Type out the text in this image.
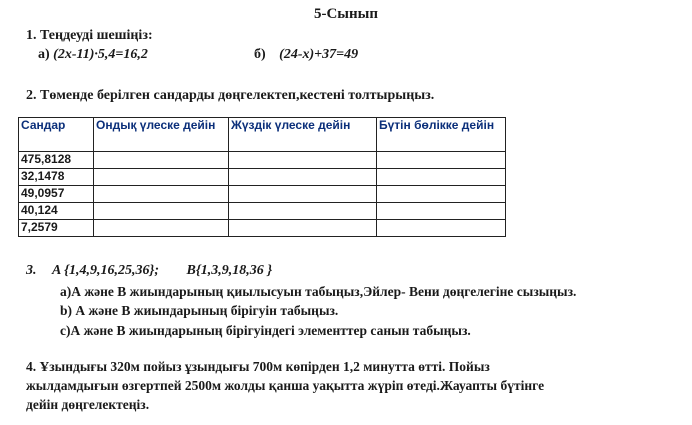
5-Сынып
1. Теңдеуді шешіңіз:
а) (2x-11)·5,4=16,2	б) (24-x)+37=49
2. Төменде берілген сандарды дөңгелектеп,кестені толтырыңыз.
Сандар	Ондық үлеске дейін	Жүздік үлеске дейін	Бүтін бөлікке дейін
475,8128			
32,1478			
49,0957			
40,124			
7,2579			
3. A {1,4,9,16,25,36}; B{1,3,9,18,36 }
а)А және В жиындарының қиылысуын табыңыз,Эйлер- Вени дөңгелегіне сызыңыз.
b) А және В жиындарының бірігуін табыңыз.
c)А және В жиындарының бірігуіндегі элементтер санын табыңыз.
4. Ұзындығы 320м пойыз ұзындығы 700м көпірден 1,2 минутта өтті. Пойыз
жылдамдығын өзгертпей 2500м жолды қанша уақытта жүріп өтеді.Жауапты бүтінге
дейін дөңгелектеңіз.
